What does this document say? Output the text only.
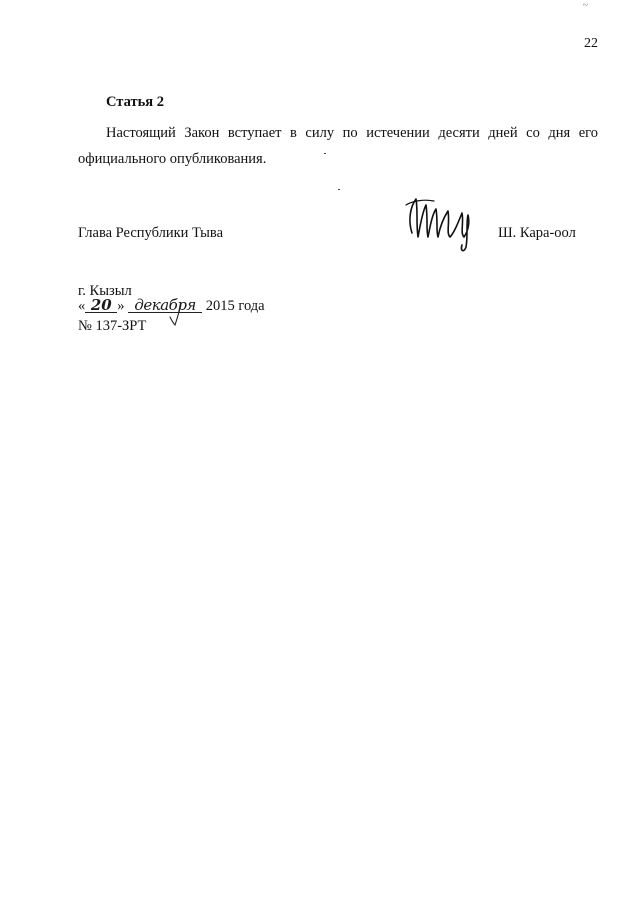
~
22
Статья 2

Настоящий Закон вступает в силу по истечении десяти дней со дня его официального опубликования.

Глава Республики Тыва	Ш. Кара-оол
г. Кызыл
« 20 » декабря 2015 года
№ 137-ЗРТ
